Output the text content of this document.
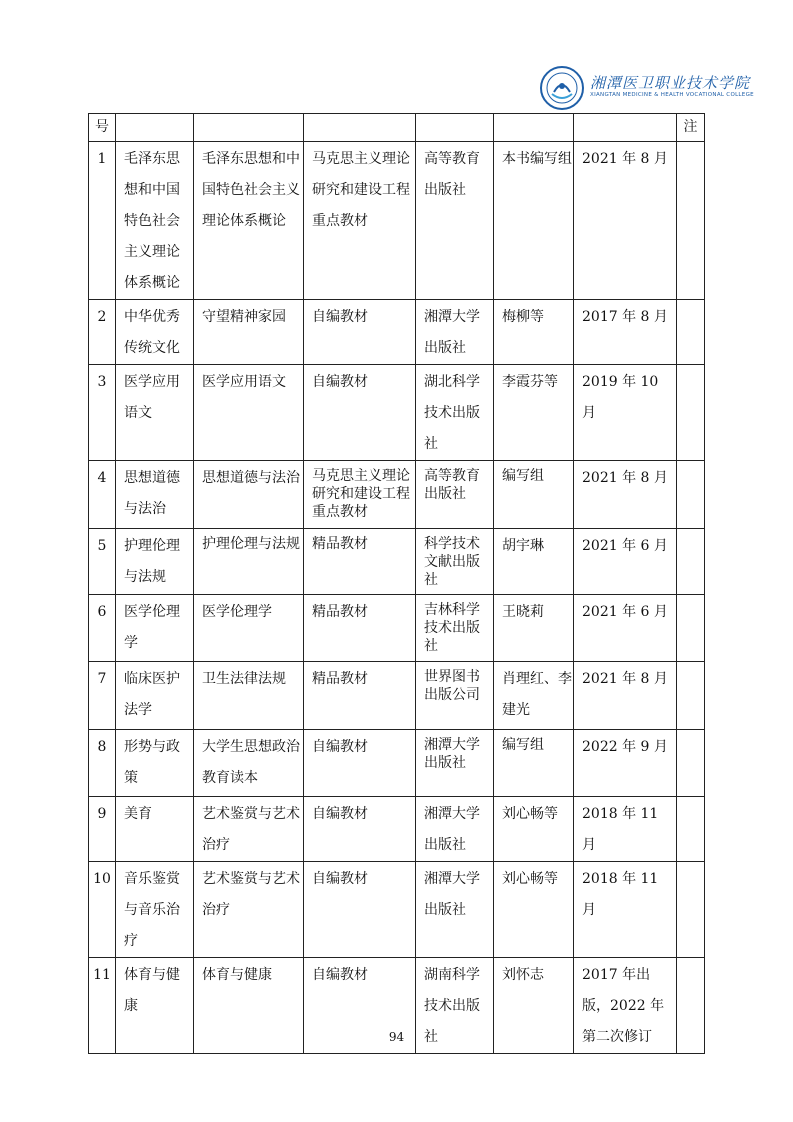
湘潭医卫职业技术学院
XIANGTAN MEDICINE & HEALTH VOCATIONAL COLLEGE
号							注
1	毛泽东思想和中国特色社会主义理论体系概论	毛泽东思想和中国特色社会主义理论体系概论	马克思主义理论研究和建设工程重点教材	高等教育出版社	本书编写组	2021 年 8 月	
2	中华优秀传统文化	守望精神家园	自编教材	湘潭大学出版社	梅柳等	2017 年 8 月	
3	医学应用语文	医学应用语文	自编教材	湖北科学技术出版社	李霞芬等	2019 年 10 月	
4	思想道德与法治	思想道德与法治	马克思主义理论研究和建设工程重点教材	高等教育出版社	编写组	2021 年 8 月	
5	护理伦理与法规	护理伦理与法规	精品教材	科学技术文献出版社	胡宇琳	2021 年 6 月	
6	医学伦理学	医学伦理学	精品教材	吉林科学技术出版社	王晓莉	2021 年 6 月	
7	临床医护法学	卫生法律法规	精品教材	世界图书出版公司	肖理红、李建光	2021 年 8 月	
8	形势与政策	大学生思想政治教育读本	自编教材	湘潭大学出版社	编写组	2022 年 9 月	
9	美育	艺术鉴赏与艺术治疗	自编教材	湘潭大学出版社	刘心畅等	2018 年 11 月	
10	音乐鉴赏与音乐治疗	艺术鉴赏与艺术治疗	自编教材	湘潭大学出版社	刘心畅等	2018 年 11 月	
11	体育与健康	体育与健康	自编教材	湖南科学技术出版社	刘怀志	2017 年出版，2022 年第二次修订	
94
